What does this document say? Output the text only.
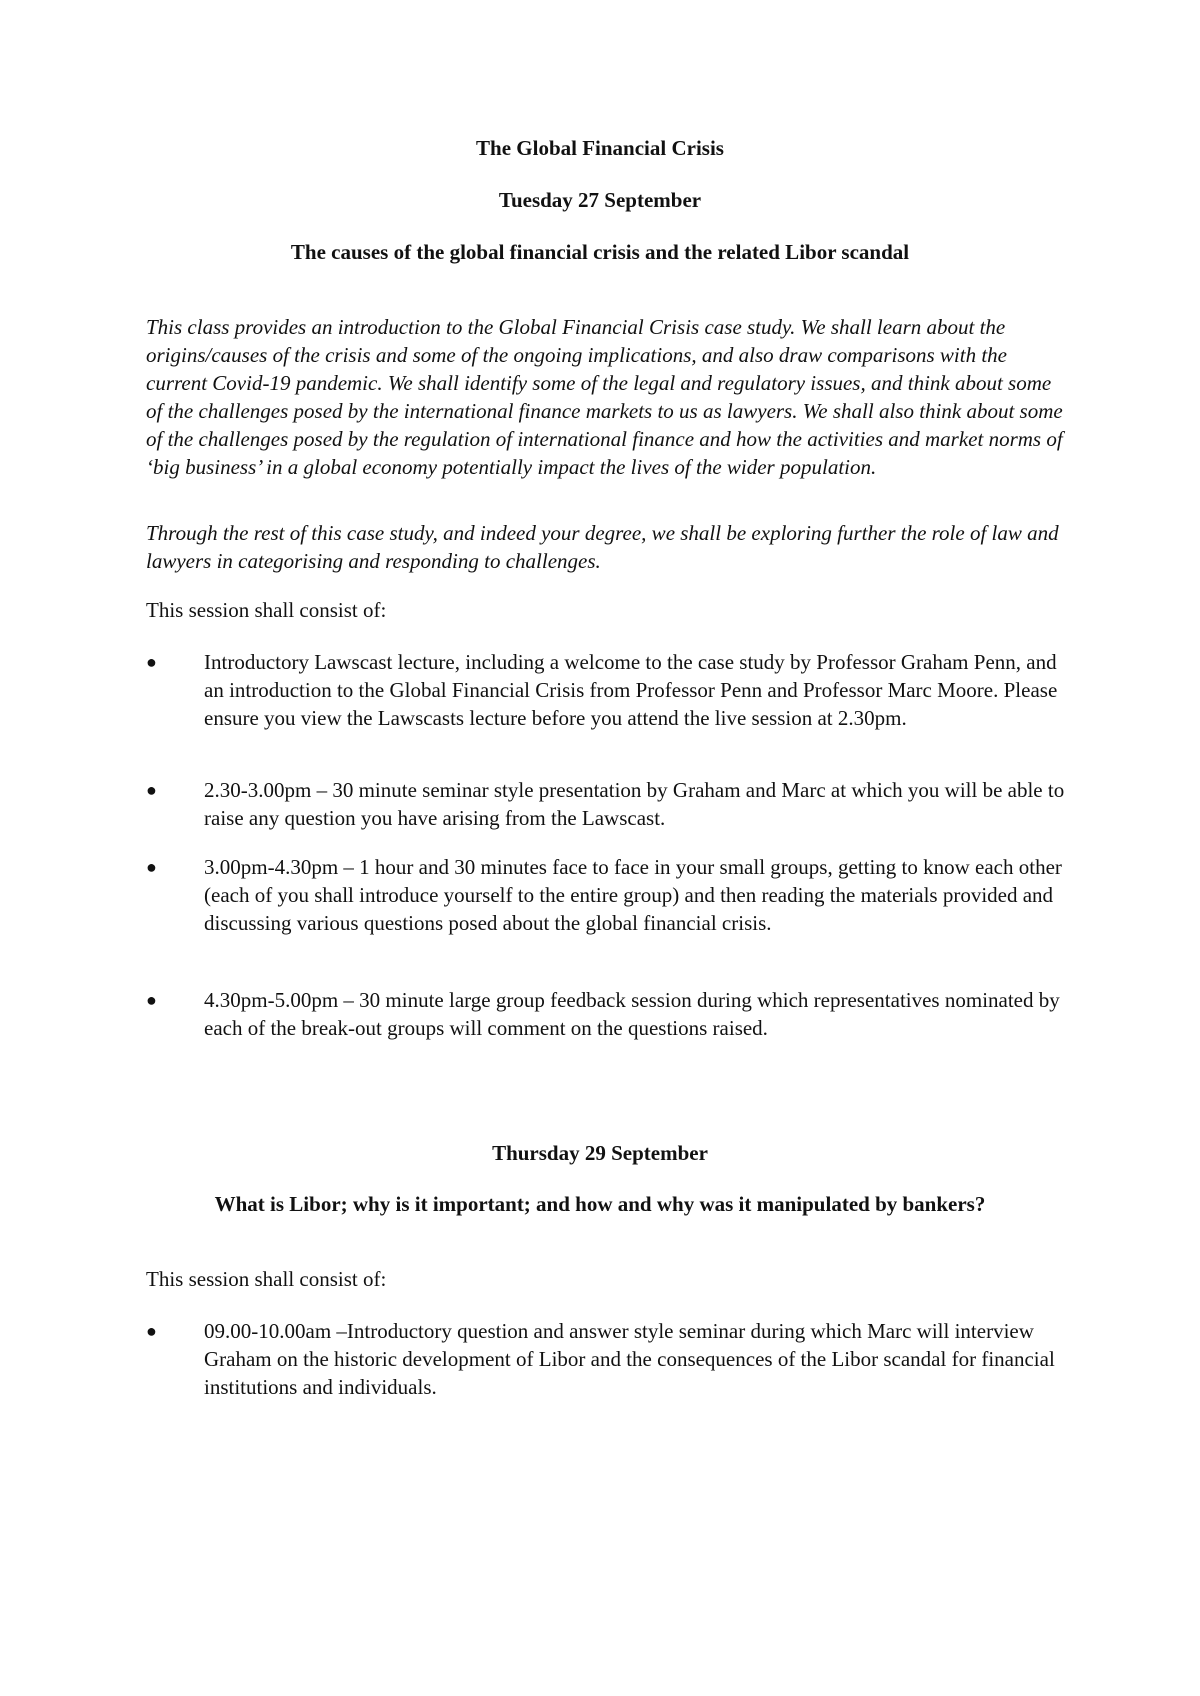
The Global Financial Crisis

Tuesday 27 September

The causes of the global financial crisis and the related Libor scandal

This class provides an introduction to the Global Financial Crisis case study. We shall learn about the origins/causes of the crisis and some of the ongoing implications, and also draw comparisons with the current Covid-19 pandemic. We shall identify some of the legal and regulatory issues, and think about some of the challenges posed by the international finance markets to us as lawyers. We shall also think about some of the challenges posed by the regulation of international finance and how the activities and market norms of ‘big business’ in a global economy potentially impact the lives of the wider population.

Through the rest of this case study, and indeed your degree, we shall be exploring further the role of law and lawyers in categorising and responding to challenges.

This session shall consist of:

● Introductory Lawscast lecture, including a welcome to the case study by Professor Graham Penn, and an introduction to the Global Financial Crisis from Professor Penn and Professor Marc Moore. Please ensure you view the Lawscasts lecture before you attend the live session at 2.30pm.

● 2.30-3.00pm – 30 minute seminar style presentation by Graham and Marc at which you will be able to raise any question you have arising from the Lawscast.

● 3.00pm-4.30pm – 1 hour and 30 minutes face to face in your small groups, getting to know each other (each of you shall introduce yourself to the entire group) and then reading the materials provided and discussing various questions posed about the global financial crisis.

● 4.30pm-5.00pm – 30 minute large group feedback session during which representatives nominated by each of the break-out groups will comment on the questions raised.

Thursday 29 September

What is Libor; why is it important; and how and why was it manipulated by bankers?

This session shall consist of:

● 09.00-10.00am –Introductory question and answer style seminar during which Marc will interview Graham on the historic development of Libor and the consequences of the Libor scandal for financial institutions and individuals.
